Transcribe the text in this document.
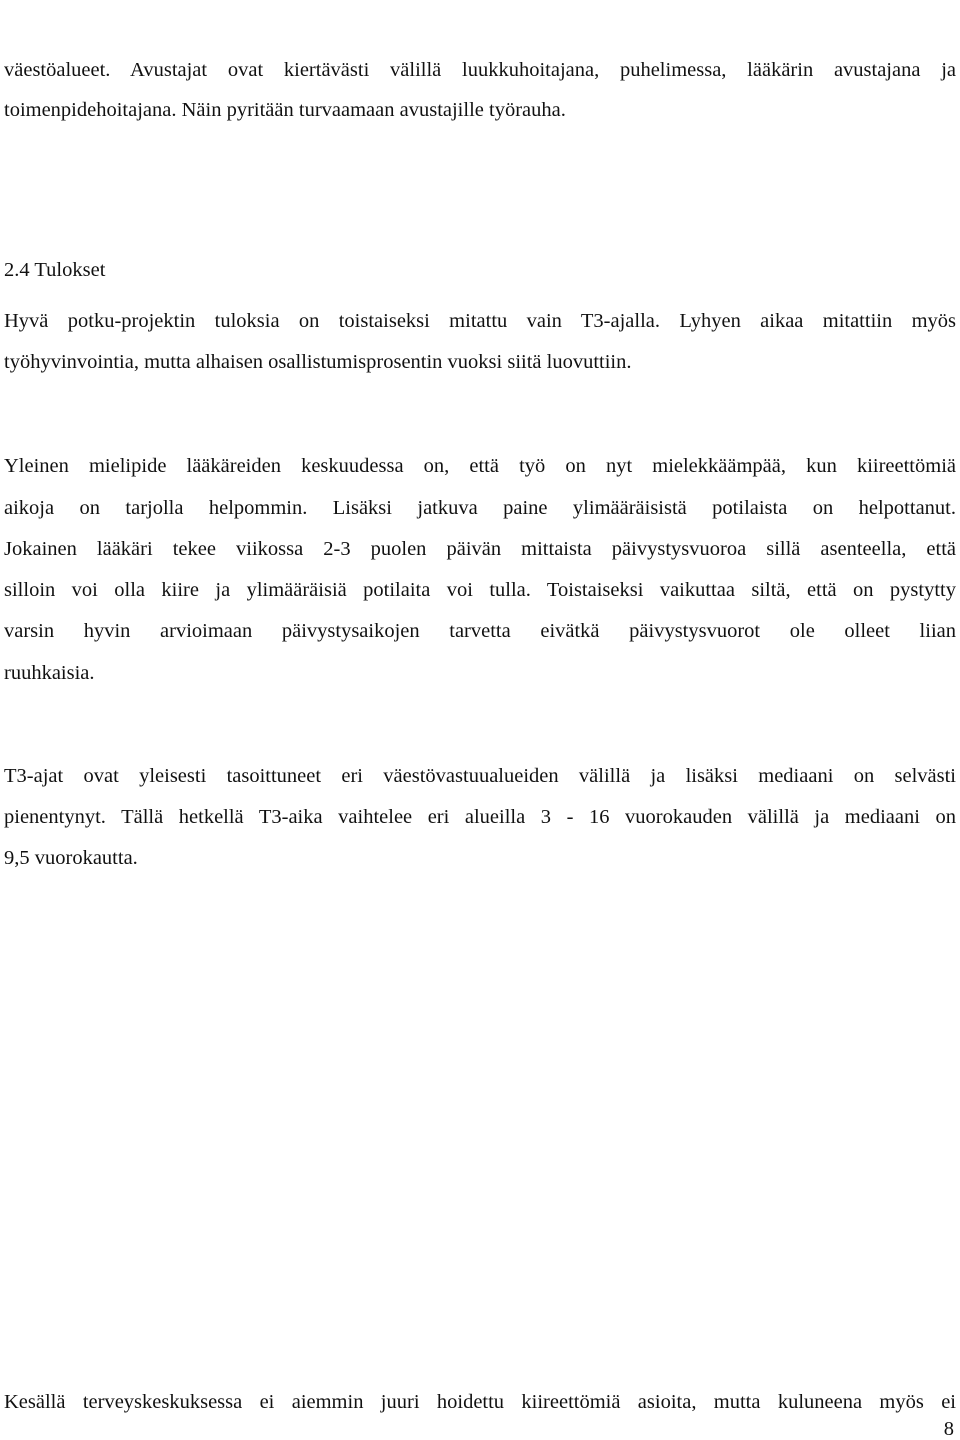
väestöalueet. Avustajat ovat kiertävästi välillä luukkuhoitajana, puhelimessa, lääkärin avustajana ja
toimenpidehoitajana. Näin pyritään turvaamaan avustajille työrauha.
2.4 Tulokset
Hyvä potku-projektin tuloksia on toistaiseksi mitattu vain T3-ajalla. Lyhyen aikaa mitattiin myös
työhyvinvointia, mutta alhaisen osallistumisprosentin vuoksi siitä luovuttiin.
Yleinen mielipide lääkäreiden keskuudessa on, että työ on nyt mielekkäämpää, kun kiireettömiä
aikoja on tarjolla helpommin. Lisäksi jatkuva paine ylimääräisistä potilaista on helpottanut.
Jokainen lääkäri tekee viikossa 2-3 puolen päivän mittaista päivystysvuoroa sillä asenteella, että
silloin voi olla kiire ja ylimääräisiä potilaita voi tulla. Toistaiseksi vaikuttaa siltä, että on pystytty
varsin hyvin arvioimaan päivystysaikojen tarvetta eivätkä päivystysvuorot ole olleet liian
ruuhkaisia.
T3-ajat ovat yleisesti tasoittuneet eri väestövastuualueiden välillä ja lisäksi mediaani on selvästi
pienentynyt. Tällä hetkellä T3-aika vaihtelee eri alueilla 3 - 16 vuorokauden välillä ja mediaani on
9,5 vuorokautta.
Kesällä terveyskeskuksessa ei aiemmin juuri hoidettu kiireettömiä asioita, mutta kuluneena myös ei
8
